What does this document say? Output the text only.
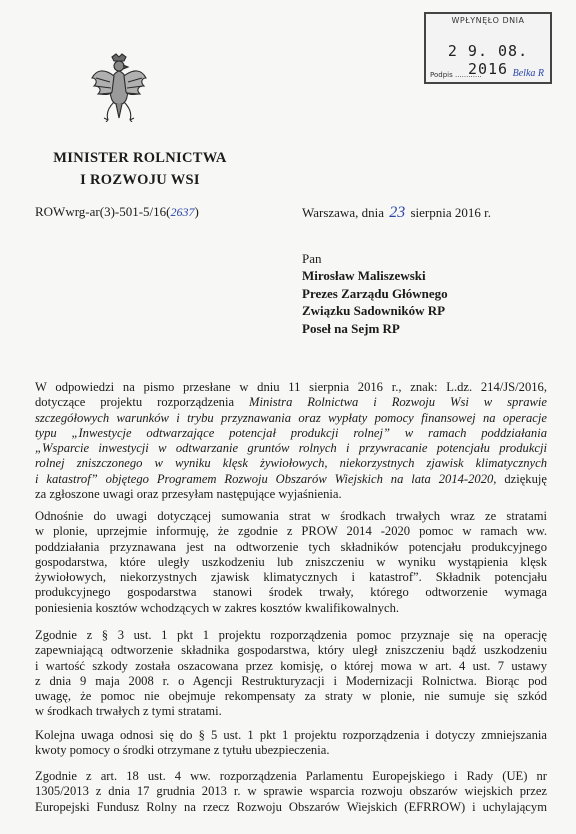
WPŁYNĘŁO DNIA
2 9. 08. 2016
Podpis ............	Belka R
MINISTER ROLNICTWA
I ROZWOJU WSI
ROWwrg-ar(3)-501-5/16(2637)	Warszawa, dnia 23 sierpnia 2016 r.
Pan
Mirosław Maliszewski
Prezes Zarządu Głównego
Związku Sadowników RP
Poseł na Sejm RP
W odpowiedzi na pismo przesłane w dniu 11 sierpnia 2016 r., znak: L.dz. 214/JS/2016,
dotyczące projektu rozporządzenia Ministra Rolnictwa i Rozwoju Wsi w sprawie
szczegółowych warunków i trybu przyznawania oraz wypłaty pomocy finansowej na operacje
typu „Inwestycje odtwarzające potencjał produkcji rolnej” w ramach poddziałania
„Wsparcie inwestycji w odtwarzanie gruntów rolnych i przywracanie potencjału produkcji
rolnej zniszczonego w wyniku klęsk żywiołowych, niekorzystnych zjawisk klimatycznych
i katastrof” objętego Programem Rozwoju Obszarów Wiejskich na lata 2014-2020, dziękuję
za zgłoszone uwagi oraz przesyłam następujące wyjaśnienia.
Odnośnie do uwagi dotyczącej sumowania strat w środkach trwałych wraz ze stratami
w plonie, uprzejmie informuję, że zgodnie z PROW 2014 -2020 pomoc w ramach ww.
poddziałania przyznawana jest na odtworzenie tych składników potencjału produkcyjnego
gospodarstwa, które uległy uszkodzeniu lub zniszczeniu w wyniku wystąpienia klęsk
żywiołowych, niekorzystnych zjawisk klimatycznych i katastrof”. Składnik potencjału
produkcyjnego gospodarstwa stanowi środek trwały, którego odtworzenie wymaga
poniesienia kosztów wchodzących w zakres kosztów kwalifikowalnych.
Zgodnie z § 3 ust. 1 pkt 1 projektu rozporządzenia pomoc przyznaje się na operację
zapewniającą odtworzenie składnika gospodarstwa, który uległ zniszczeniu bądź uszkodzeniu
i wartość szkody została oszacowana przez komisję, o której mowa w art. 4 ust. 7 ustawy
z dnia 9 maja 2008 r. o Agencji Restrukturyzacji i Modernizacji Rolnictwa. Biorąc pod
uwagę, że pomoc nie obejmuje rekompensaty za straty w plonie, nie sumuje się szkód
w środkach trwałych z tymi stratami.
Kolejna uwaga odnosi się do § 5 ust. 1 pkt 1 projektu rozporządzenia i dotyczy zmniejszania
kwoty pomocy o środki otrzymane z tytułu ubezpieczenia.
Zgodnie z art. 18 ust. 4 ww. rozporządzenia Parlamentu Europejskiego i Rady (UE) nr
1305/2013 z dnia 17 grudnia 2013 r. w sprawie wsparcia rozwoju obszarów wiejskich przez
Europejski Fundusz Rolny na rzecz Rozwoju Obszarów Wiejskich (EFRROW) i uchylającym
